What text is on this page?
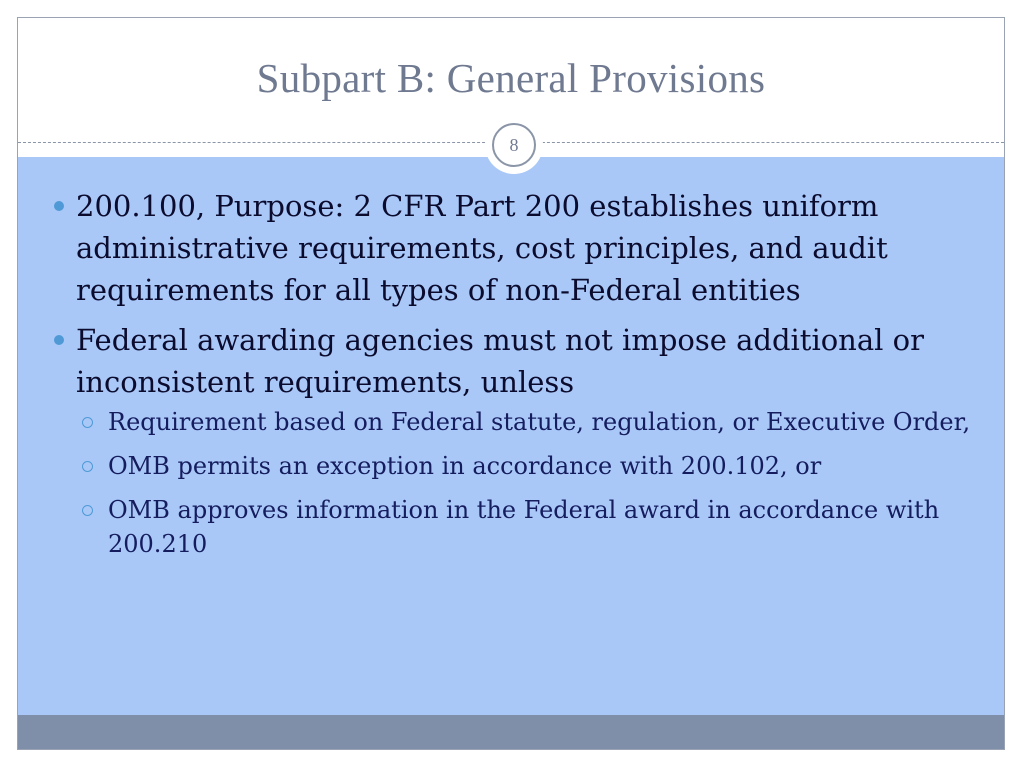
Subpart B: General Provisions
200.100, Purpose: 2 CFR Part 200 establishes uniform administrative requirements, cost principles, and audit requirements for all types of non-Federal entities
Federal awarding agencies must not impose additional or inconsistent requirements, unless
Requirement based on Federal statute, regulation, or Executive Order,
OMB permits an exception in accordance with 200.102, or
OMB approves information in the Federal award in accordance with 200.210
8
